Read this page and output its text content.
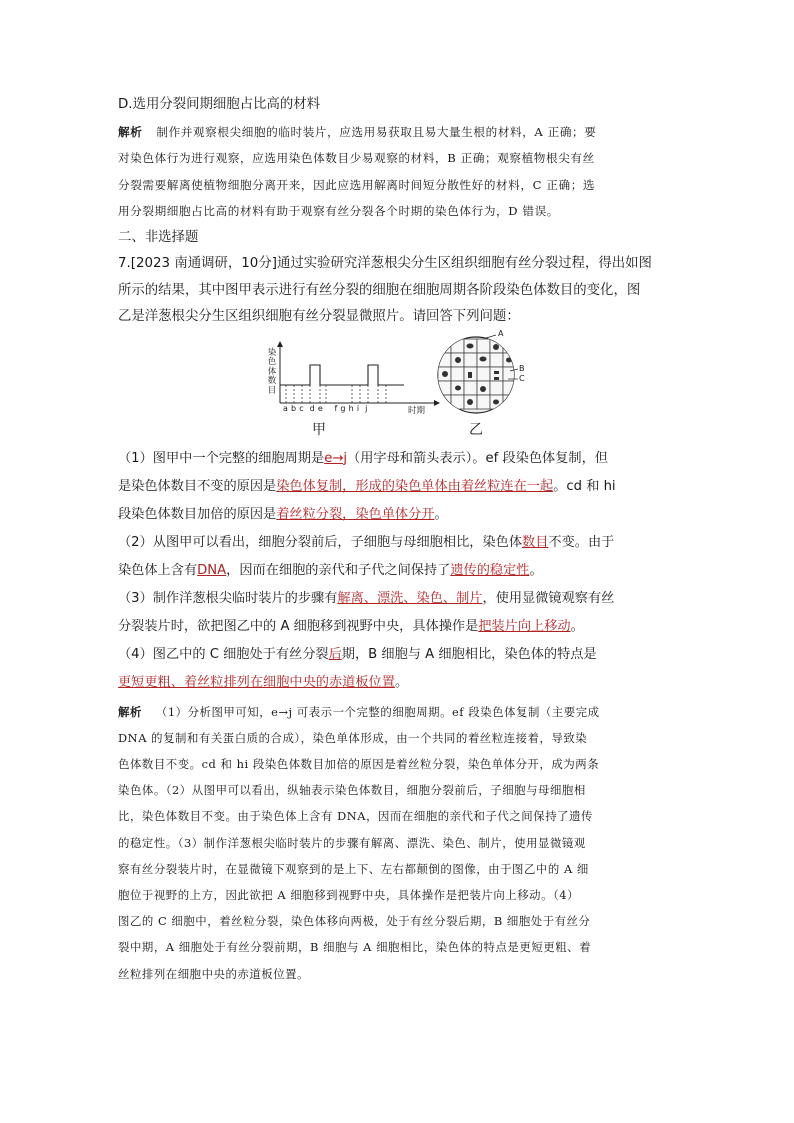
D.选用分裂间期细胞占比高的材料
解析 制作并观察根尖细胞的临时装片，应选用易获取且易大量生根的材料，A 正确；要
对染色体行为进行观察，应选用染色体数目少易观察的材料，B 正确；观察植物根尖有丝
分裂需要解离使植物细胞分离开来，因此应选用解离时间短分散性好的材料，C 正确；选
用分裂期细胞占比高的材料有助于观察有丝分裂各个时期的染色体行为，D 错误。
二、非选择题
7.[2023 南通调研，10分]通过实验研究洋葱根尖分生区组织细胞有丝分裂过程，得出如图
所示的结果，其中图甲表示进行有丝分裂的细胞在细胞周期各阶段染色体数目的变化，图
乙是洋葱根尖分生区组织细胞有丝分裂显微照片。请回答下列问题：
染
色
体
数
目
a b c  d e    f g h i  j	时期
甲
A
B
C
乙
（1）图甲中一个完整的细胞周期是e→j（用字母和箭头表示）。ef 段染色体复制，但
是染色体数目不变的原因是染色体复制，形成的染色单体由着丝粒连在一起。cd 和 hi
段染色体数目加倍的原因是着丝粒分裂，染色单体分开。
（2）从图甲可以看出，细胞分裂前后，子细胞与母细胞相比，染色体数目不变。由于
染色体上含有DNA，因而在细胞的亲代和子代之间保持了遗传的稳定性。
（3）制作洋葱根尖临时装片的步骤有解离、漂洗、染色、制片，使用显微镜观察有丝
分裂装片时，欲把图乙中的 A 细胞移到视野中央，具体操作是把装片向上移动。
（4）图乙中的 C 细胞处于有丝分裂后期，B 细胞与 A 细胞相比，染色体的特点是
更短更粗、着丝粒排列在细胞中央的赤道板位置。
解析 （1）分析图甲可知，e→j 可表示一个完整的细胞周期。ef 段染色体复制（主要完成
DNA 的复制和有关蛋白质的合成），染色单体形成，由一个共同的着丝粒连接着，导致染
色体数目不变。cd 和 hi 段染色体数目加倍的原因是着丝粒分裂，染色单体分开，成为两条
染色体。（2）从图甲可以看出，纵轴表示染色体数目，细胞分裂前后，子细胞与母细胞相
比，染色体数目不变。由于染色体上含有 DNA，因而在细胞的亲代和子代之间保持了遗传
的稳定性。（3）制作洋葱根尖临时装片的步骤有解离、漂洗、染色、制片，使用显微镜观
察有丝分裂装片时，在显微镜下观察到的是上下、左右都颠倒的图像，由于图乙中的 A 细
胞位于视野的上方，因此欲把 A 细胞移到视野中央，具体操作是把装片向上移动。（4）
图乙的 C 细胞中，着丝粒分裂，染色体移向两极，处于有丝分裂后期，B 细胞处于有丝分
裂中期，A 细胞处于有丝分裂前期，B 细胞与 A 细胞相比，染色体的特点是更短更粗、着
丝粒排列在细胞中央的赤道板位置。
